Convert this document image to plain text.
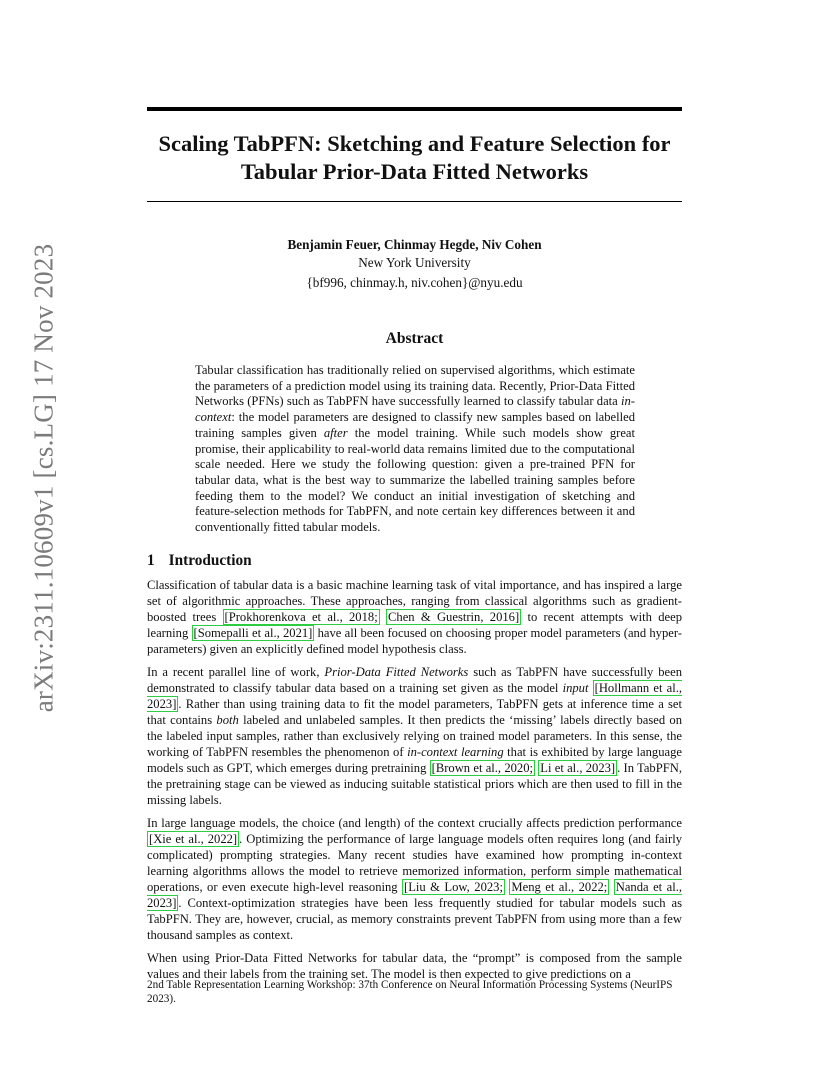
arXiv:2311.10609v1 [cs.LG] 17 Nov 2023
Scaling TabPFN: Sketching and Feature Selection for
Tabular Prior-Data Fitted Networks
Benjamin Feuer, Chinmay Hegde, Niv Cohen
New York University
{bf996, chinmay.h, niv.cohen}@nyu.edu
Abstract
Tabular classification has traditionally relied on supervised algorithms, which estimate the parameters of a prediction model using its training data. Recently, Prior-Data Fitted Networks (PFNs) such as TabPFN have successfully learned to classify tabular data in-context: the model parameters are designed to classify new samples based on labelled training samples given after the model training. While such models show great promise, their applicability to real-world data remains limited due to the computational scale needed. Here we study the following question: given a pre-trained PFN for tabular data, what is the best way to summarize the labelled training samples before feeding them to the model? We conduct an initial investigation of sketching and feature-selection methods for TabPFN, and note certain key differences between it and conventionally fitted tabular models.
1 Introduction

Classification of tabular data is a basic machine learning task of vital importance, and has inspired a large set of algorithmic approaches. These approaches, ranging from classical algorithms such as gradient-boosted trees [Prokhorenkova et al., 2018; Chen & Guestrin, 2016] to recent attempts with deep learning [Somepalli et al., 2021] have all been focused on choosing proper model parameters (and hyper-parameters) given an explicitly defined model hypothesis class.

In a recent parallel line of work, Prior-Data Fitted Networks such as TabPFN have successfully been demonstrated to classify tabular data based on a training set given as the model input [Hollmann et al., 2023] . Rather than using training data to fit the model parameters, TabPFN gets at inference time a set that contains both labeled and unlabeled samples. It then predicts the ‘missing’ labels directly based on the labeled input samples, rather than exclusively relying on trained model parameters. In this sense, the working of TabPFN resembles the phenomenon of in-context learning that is exhibited by large language models such as GPT, which emerges during pretraining [Brown et al., 2020; Li et al., 2023] . In TabPFN, the pretraining stage can be viewed as inducing suitable statistical priors which are then used to fill in the missing labels.

In large language models, the choice (and length) of the context crucially affects prediction performance [Xie et al., 2022] . Optimizing the performance of large language models often requires long (and fairly complicated) prompting strategies. Many recent studies have examined how prompting in-context learning algorithms allows the model to retrieve memorized information, perform simple mathematical operations, or even execute high-level reasoning [Liu & Low, 2023; Meng et al., 2022; Nanda et al., 2023] . Context-optimization strategies have been less frequently studied for tabular models such as TabPFN. They are, however, crucial, as memory constraints prevent TabPFN from using more than a few thousand samples as context.

When using Prior-Data Fitted Networks for tabular data, the “prompt” is composed from the sample values and their labels from the training set. The model is then expected to give predictions on a

2nd Table Representation Learning Workshop: 37th Conference on Neural Information Processing Systems (NeurIPS 2023).
